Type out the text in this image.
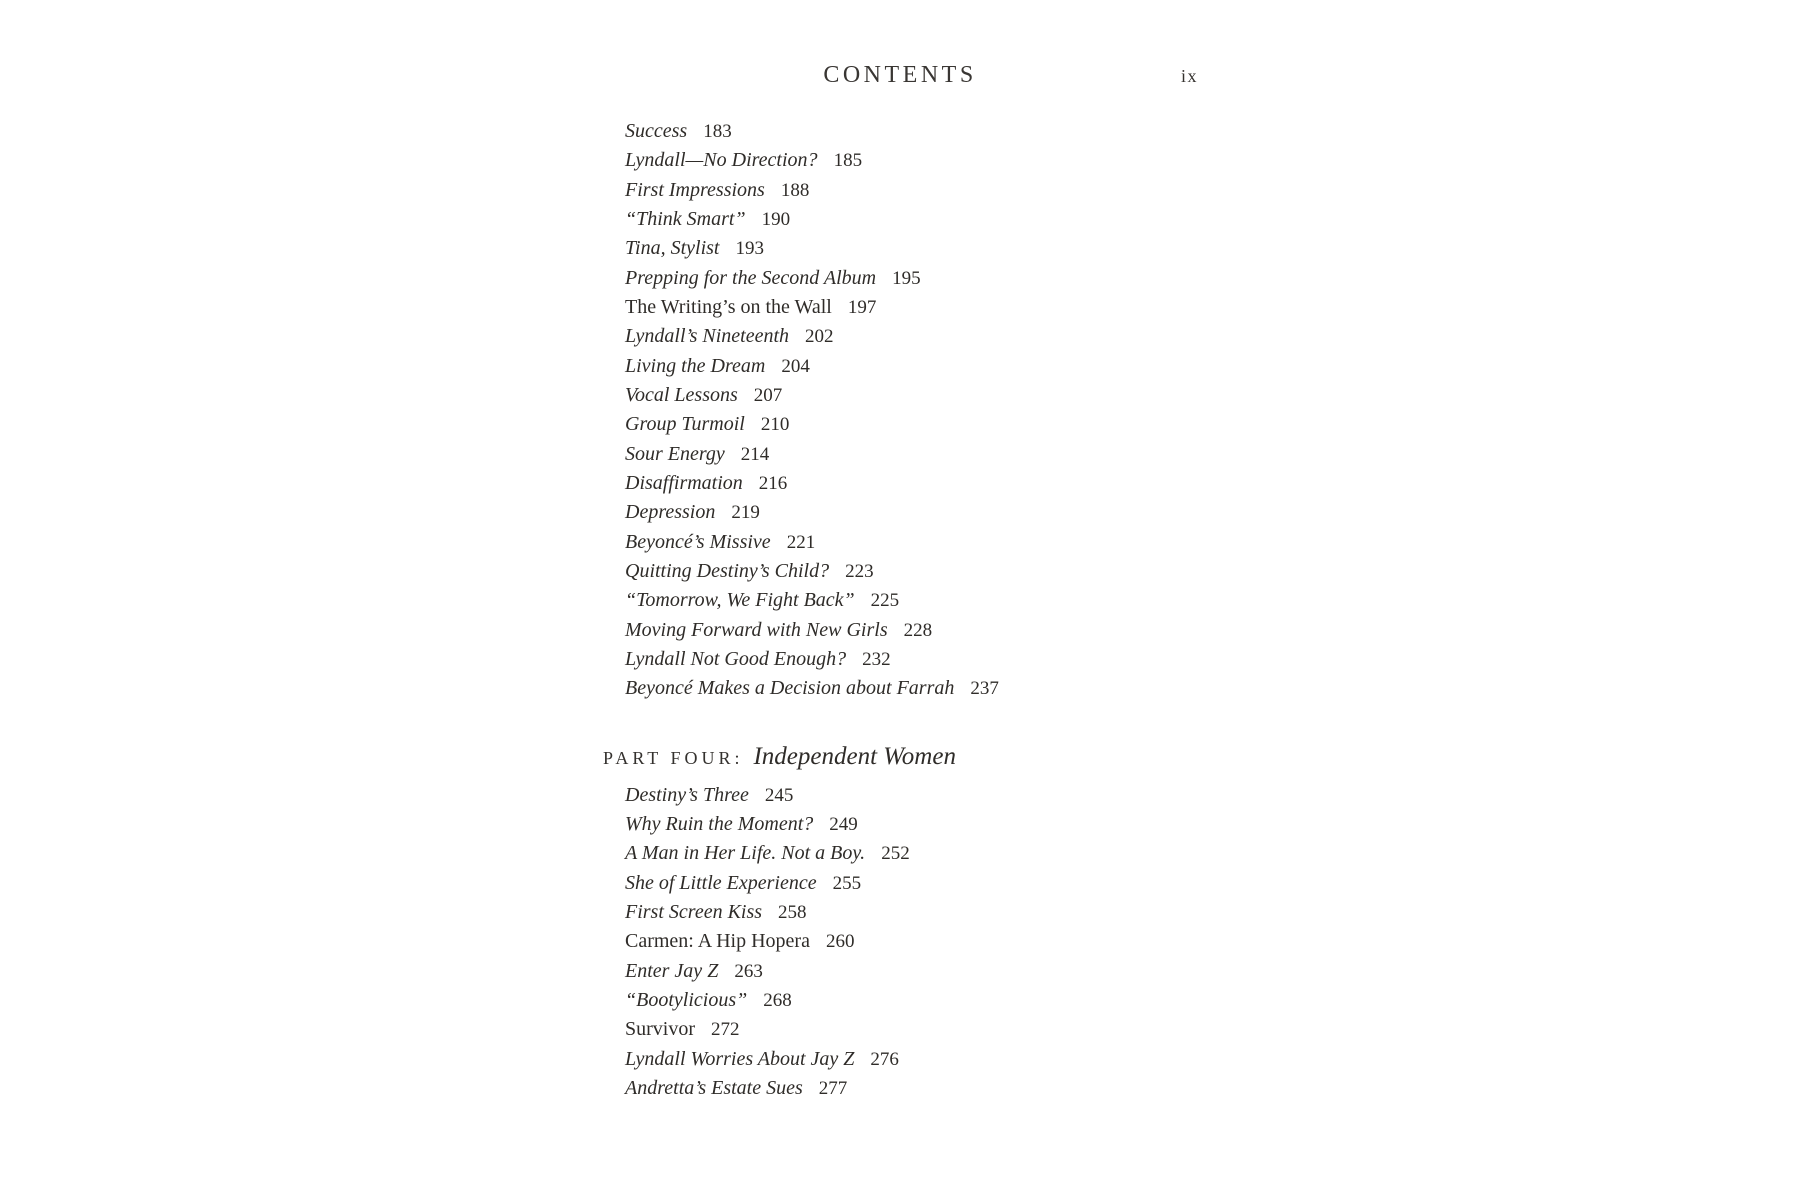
CONTENTS	ix
Success 183
Lyndall—No Direction? 185
First Impressions 188
“Think Smart” 190
Tina, Stylist 193
Prepping for the Second Album 195
The Writing’s on the Wall 197
Lyndall’s Nineteenth 202
Living the Dream 204
Vocal Lessons 207
Group Turmoil 210
Sour Energy 214
Disaffirmation 216
Depression 219
Beyoncé’s Missive 221
Quitting Destiny’s Child? 223
“Tomorrow, We Fight Back” 225
Moving Forward with New Girls 228
Lyndall Not Good Enough? 232
Beyoncé Makes a Decision about Farrah 237
PART FOUR: Independent Women
Destiny’s Three 245
Why Ruin the Moment? 249
A Man in Her Life. Not a Boy. 252
She of Little Experience 255
First Screen Kiss 258
Carmen: A Hip Hopera 260
Enter Jay Z 263
“Bootylicious” 268
Survivor 272
Lyndall Worries About Jay Z 276
Andretta’s Estate Sues 277
